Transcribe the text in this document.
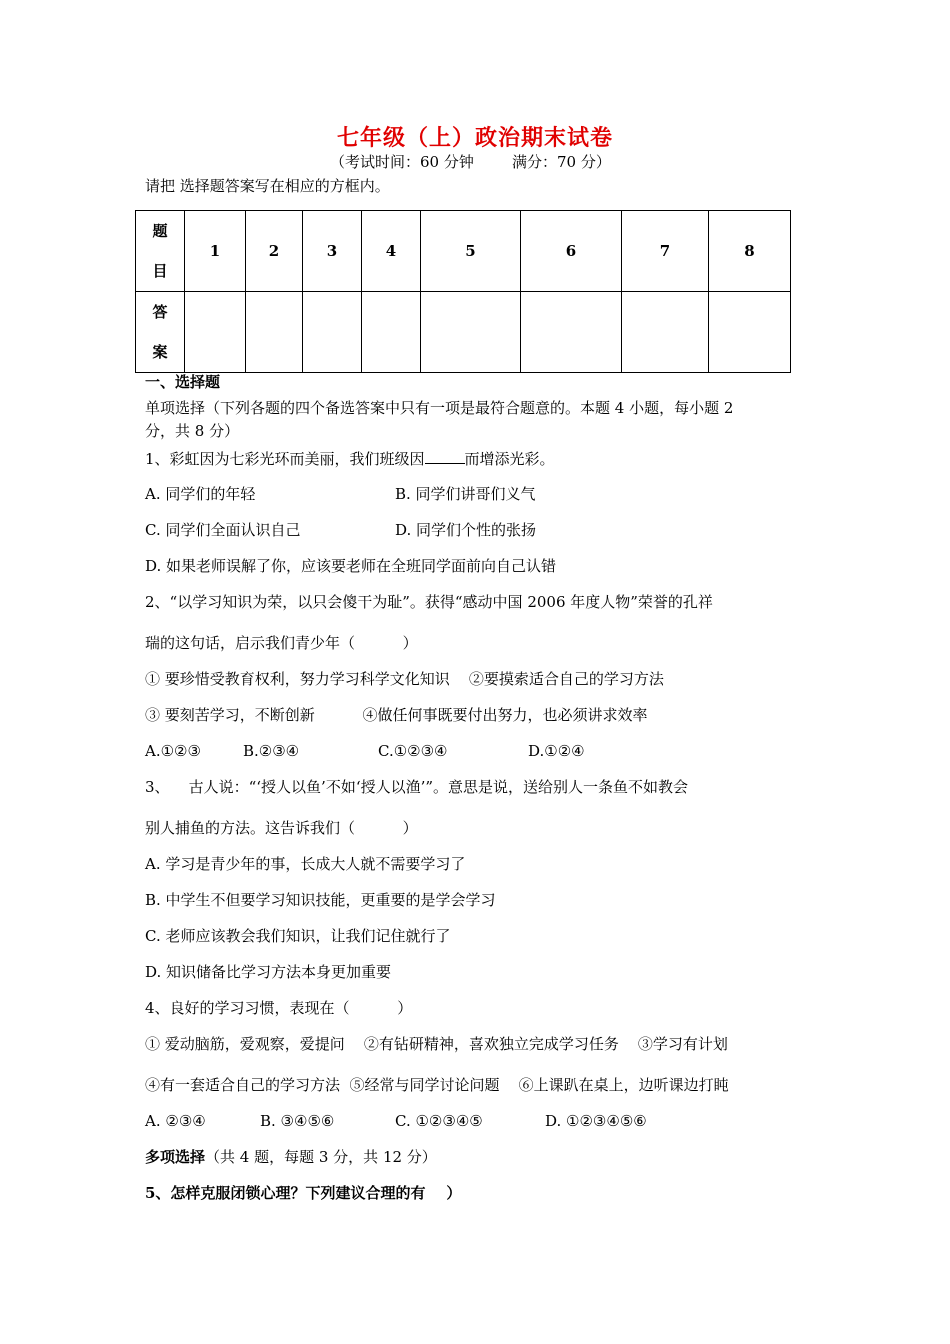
七年级（上）政治期末试卷
（考试时间：60 分钟        满分：70 分）
请把 选择题答案写在相应的方框内。
题
目	1	2	3	4	5	6	7	8

答
案								

一、选择题
单项选择（下列各题的四个备选答案中只有一项是最符合题意的。本题 4 小题，每小题 2
分，共 8 分）
1、彩虹因为七彩光环而美丽，我们班级因	而增添光彩。
A. 同学们的年轻	B. 同学们讲哥们义气
C. 同学们全面认识自己	D. 同学们个性的张扬
D. 如果老师误解了你，应该要老师在全班同学面前向自己认错
2、“以学习知识为荣，以只会傻干为耻”。获得“感动中国 2006 年度人物”荣誉的孔祥
瑞的这句话，启示我们青少年（          ）
① 要珍惜受教育权利，努力学习科学文化知识    ②要摸索适合自己的学习方法
③ 要刻苦学习，不断创新          ④做任何事既要付出努力，也必须讲求效率
A.①②③	B.②③④	C.①②③④	D.①②④
3、    古人说：“‘授人以鱼’不如‘授人以渔’”。意思是说，送给别人一条鱼不如教会
别人捕鱼的方法。这告诉我们（          ）
A. 学习是青少年的事，长成大人就不需要学习了
B. 中学生不但要学习知识技能，更重要的是学会学习
C. 老师应该教会我们知识，让我们记住就行了
D. 知识储备比学习方法本身更加重要
4、良好的学习习惯，表现在（          ）
① 爱动脑筋，爱观察，爱提问    ②有钻研精神，喜欢独立完成学习任务    ③学习有计划
④有一套适合自己的学习方法  ⑤经常与同学讨论问题    ⑥上课趴在桌上，边听课边打盹
A. ②③④	B. ③④⑤⑥	C. ①②③④⑤	D. ①②③④⑤⑥
多项选择（共 4 题，每题 3 分，共 12 分）
5、怎样克服闭锁心理？下列建议合理的有    ）
